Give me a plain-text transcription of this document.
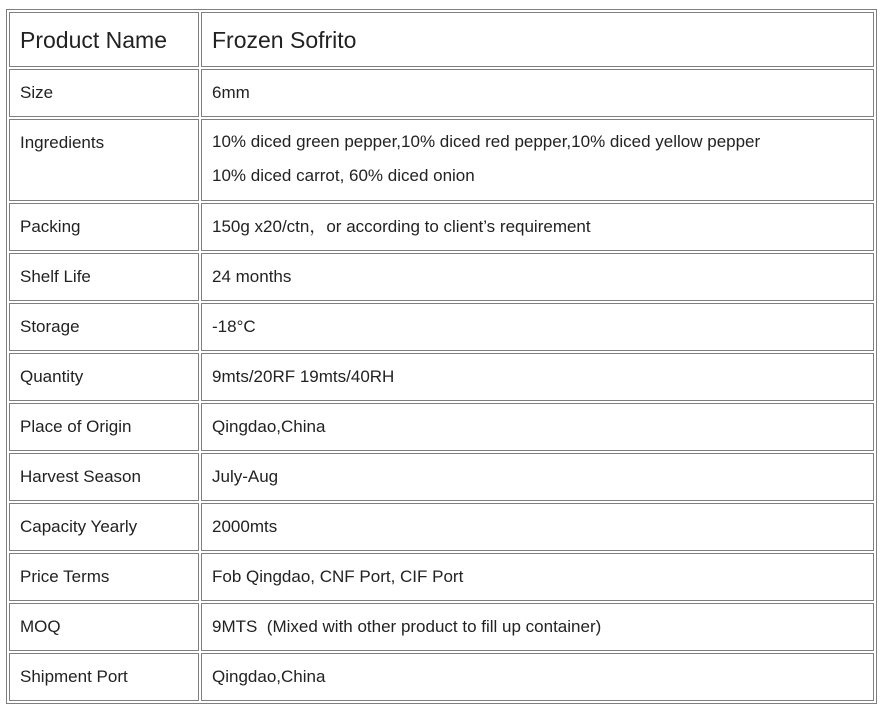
Product Name	Frozen Sofrito
Size	6mm
Ingredients	10% diced green pepper,10% diced red pepper,10% diced yellow pepper
10% diced carrot, 60% diced onion

Packing	150g x20/ctn，or according to client’s requirement
Shelf Life	24 months
Storage	-18°C
Quantity	9mts/20RF 19mts/40RH
Place of Origin	Qingdao,China
Harvest Season	July-Aug
Capacity Yearly	2000mts
Price Terms	Fob Qingdao, CNF Port, CIF Port
MOQ	9MTS  (Mixed with other product to fill up container)
Shipment Port	Qingdao,China
